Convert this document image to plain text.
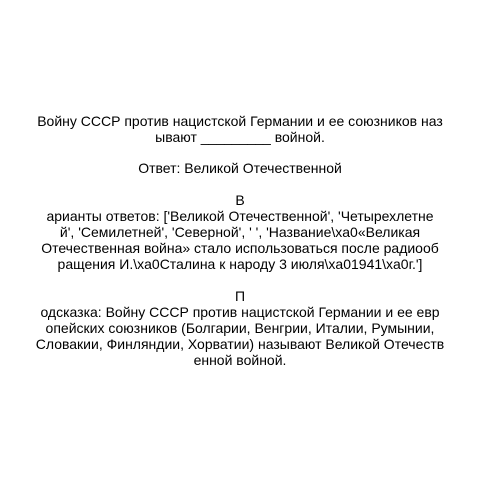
Войну СССР против нацистской Германии и ее союзников наз
ывают _________ войной.
Ответ: Великой Отечественной
В
арианты ответов: ['Великой Отечественной', 'Четырехлетне
й', 'Семилетней', 'Северной', ' ', 'Название\xa0«Великая
Отечественная война» стало использоваться после радиооб
ращения И.\xa0Сталина к народу 3 июля\xa01941\xa0г.']
П
одсказка: Войну СССР против нацистской Германии и ее евр
опейских союзников (Болгарии, Венгрии, Италии, Румынии,
Словакии, Финляндии, Хорватии) называют Великой Отечеств
енной войной.
